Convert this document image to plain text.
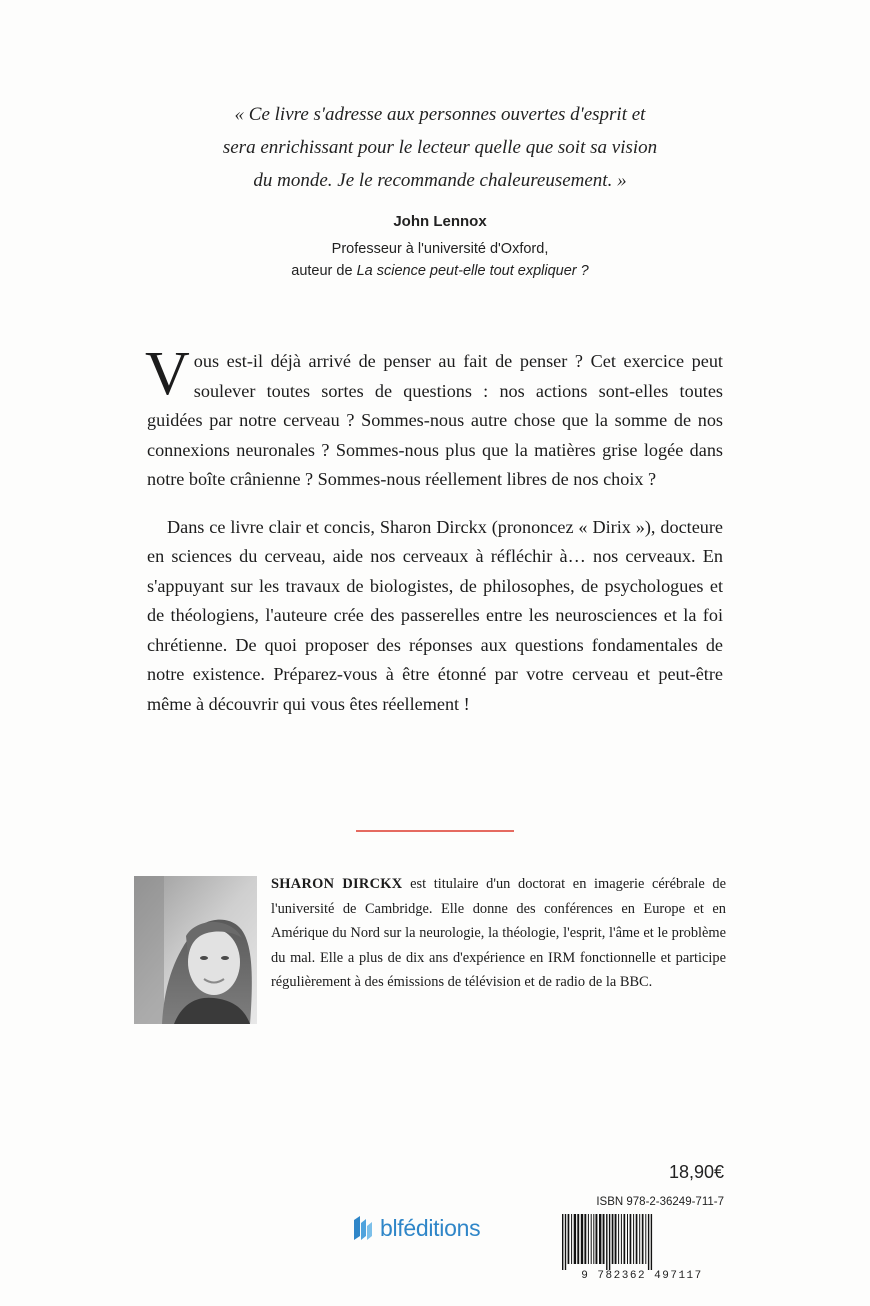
« Ce livre s'adresse aux personnes ouvertes d'esprit et

sera enrichissant pour le lecteur quelle que soit sa vision

du monde. Je le recommande chaleureusement. »

John Lennox
Professeur à l'université d'Oxford,
auteur de La science peut-elle tout expliquer ?

Vous est-il déjà arrivé de penser au fait de penser ? Cet exercice peut soulever toutes sortes de questions : nos actions sont-elles toutes guidées par notre cerveau ? Sommes-nous autre chose que la somme de nos connexions neuronales ? Sommes-nous plus que la matières grise logée dans notre boîte crânienne ? Sommes-nous réellement libres de nos choix ?

Dans ce livre clair et concis, Sharon Dirckx (prononcez « Dirix »), docteure en sciences du cerveau, aide nos cerveaux à réfléchir à… nos cerveaux. En s'appuyant sur les travaux de biologistes, de philosophes, de psychologues et de théologiens, l'auteure crée des passerelles entre les neurosciences et la foi chrétienne. De quoi proposer des réponses aux questions fondamentales de notre existence. Préparez-vous à être étonné par votre cerveau et peut-être même à découvrir qui vous êtes réellement !

SHARON DIRCKX est titulaire d'un doctorat en imagerie cérébrale de l'université de Cambridge. Elle donne des conférences en Europe et en Amérique du Nord sur la neurologie, la théologie, l'esprit, l'âme et le problème du mal. Elle a plus de dix ans d'expérience en IRM fonctionnelle et participe régulièrement à des émissions de télévision et de radio de la BBC.

blféditions
18,90€
ISBN 978-2-36249-711-7
9 782362 497117
